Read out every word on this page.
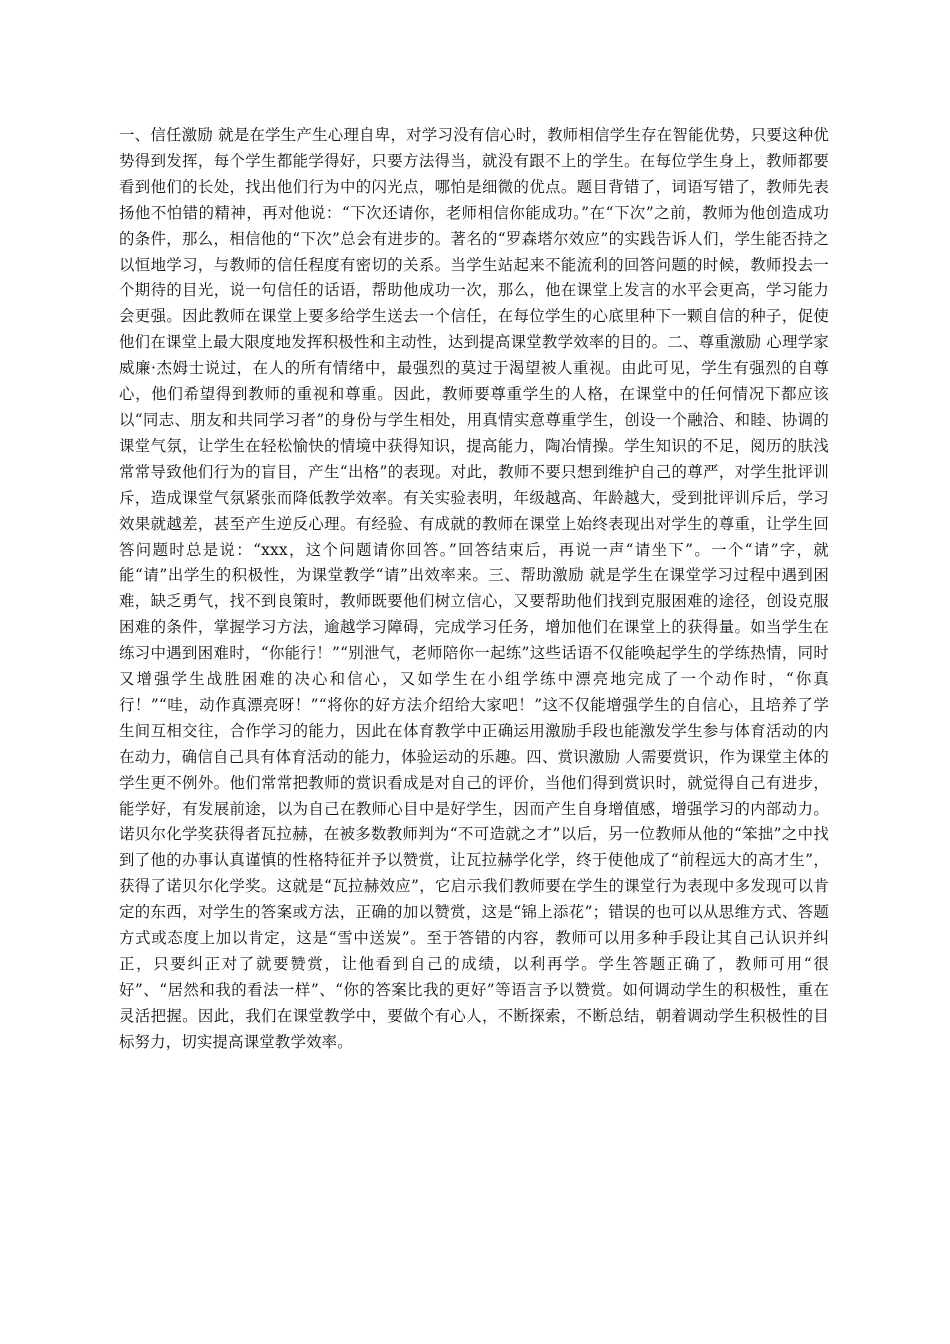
一、信任激励 就是在学生产生心理自卑，对学习没有信心时，教师相信学生存在智能优势，只要这种优势得到发挥，每个学生都能学得好，只要方法得当，就没有跟不上的学生。在每位学生身上，教师都要看到他们的长处，找出他们行为中的闪光点，哪怕是细微的优点。题目背错了，词语写错了，教师先表扬他不怕错的精神，再对他说：“下次还请你，老师相信你能成功。”在“下次”之前，教师为他创造成功的条件，那么，相信他的“下次”总会有进步的。著名的“罗森塔尔效应”的实践告诉人们，学生能否持之以恒地学习，与教师的信任程度有密切的关系。当学生站起来不能流利的回答问题的时候，教师投去一个期待的目光，说一句信任的话语，帮助他成功一次，那么，他在课堂上发言的水平会更高，学习能力会更强。因此教师在课堂上要多给学生送去一个信任，在每位学生的心底里种下一颗自信的种子，促使他们在课堂上最大限度地发挥积极性和主动性，达到提高课堂教学效率的目的。二、尊重激励 心理学家威廉·杰姆士说过，在人的所有情绪中，最强烈的莫过于渴望被人重视。由此可见，学生有强烈的自尊心，他们希望得到教师的重视和尊重。因此，教师要尊重学生的人格，在课堂中的任何情况下都应该以“同志、朋友和共同学习者”的身份与学生相处，用真情实意尊重学生，创设一个融洽、和睦、协调的课堂气氛，让学生在轻松愉快的情境中获得知识，提高能力，陶冶情操。学生知识的不足，阅历的肤浅常常导致他们行为的盲目，产生“出格”的表现。对此，教师不要只想到维护自己的尊严，对学生批评训斥，造成课堂气氛紧张而降低教学效率。有关实验表明，年级越高、年龄越大，受到批评训斥后，学习效果就越差，甚至产生逆反心理。有经验、有成就的教师在课堂上始终表现出对学生的尊重，让学生回答问题时总是说：“xxx，这个问题请你回答。”回答结束后，再说一声“请坐下”。一个“请”字，就能“请”出学生的积极性，为课堂教学“请”出效率来。三、帮助激励 就是学生在课堂学习过程中遇到困难，缺乏勇气，找不到良策时，教师既要他们树立信心，又要帮助他们找到克服困难的途径，创设克服困难的条件，掌握学习方法，逾越学习障碍，完成学习任务，增加他们在课堂上的获得量。如当学生在练习中遇到困难时，“你能行！”“别泄气，老师陪你一起练”这些话语不仅能唤起学生的学练热情，同时又增强学生战胜困难的决心和信心，又如学生在小组学练中漂亮地完成了一个动作时，“你真行！”“哇，动作真漂亮呀！”“将你的好方法介绍给大家吧！”这不仅能增强学生的自信心，且培养了学生间互相交往，合作学习的能力，因此在体育教学中正确运用激励手段也能激发学生参与体育活动的内在动力，确信自己具有体育活动的能力，体验运动的乐趣。四、赏识激励 人需要赏识，作为课堂主体的学生更不例外。他们常常把教师的赏识看成是对自己的评价，当他们得到赏识时，就觉得自己有进步，能学好，有发展前途，以为自己在教师心目中是好学生，因而产生自身增值感，增强学习的内部动力。诺贝尔化学奖获得者瓦拉赫，在被多数教师判为“不可造就之才”以后，另一位教师从他的“笨拙”之中找到了他的办事认真谨慎的性格特征并予以赞赏，让瓦拉赫学化学，终于使他成了“前程远大的高才生”，获得了诺贝尔化学奖。这就是“瓦拉赫效应”，它启示我们教师要在学生的课堂行为表现中多发现可以肯定的东西，对学生的答案或方法，正确的加以赞赏，这是“锦上添花”；错误的也可以从思维方式、答题方式或态度上加以肯定，这是“雪中送炭”。至于答错的内容，教师可以用多种手段让其自己认识并纠正，只要纠正对了就要赞赏，让他看到自己的成绩，以利再学。学生答题正确了，教师可用“很好”、“居然和我的看法一样”、“你的答案比我的更好”等语言予以赞赏。如何调动学生的积极性，重在灵活把握。因此，我们在课堂教学中，要做个有心人，不断探索，不断总结，朝着调动学生积极性的目标努力，切实提高课堂教学效率。
